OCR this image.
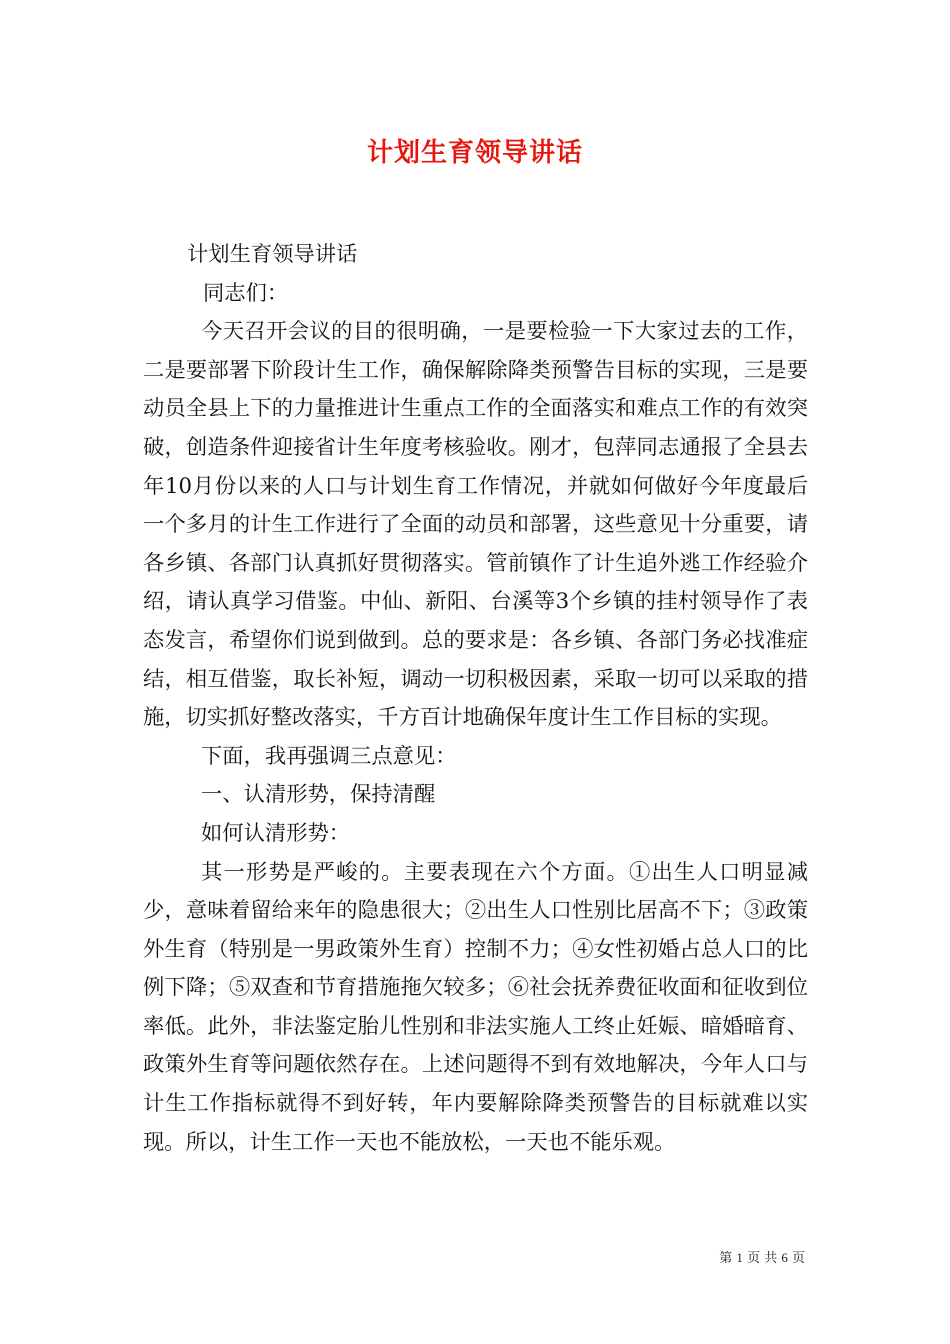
计划生育领导讲话

计划生育领导讲话

同志们：

今天召开会议的目的很明确，一是要检验一下大家过去的工作，二是要部署下阶段计生工作，确保解除降类预警告目标的实现，三是要动员全县上下的力量推进计生重点工作的全面落实和难点工作的有效突破，创造条件迎接省计生年度考核验收。刚才，包萍同志通报了全县去年10月份以来的人口与计划生育工作情况，并就如何做好今年度最后一个多月的计生工作进行了全面的动员和部署，这些意见十分重要，请各乡镇、各部门认真抓好贯彻落实。管前镇作了计生追外逃工作经验介绍，请认真学习借鉴。中仙、新阳、台溪等3个乡镇的挂村领导作了表态发言，希望你们说到做到。总的要求是：各乡镇、各部门务必找准症结，相互借鉴，取长补短，调动一切积极因素，采取一切可以采取的措施，切实抓好整改落实，千方百计地确保年度计生工作目标的实现。

下面，我再强调三点意见：

一、认清形势，保持清醒

如何认清形势：

其一形势是严峻的。主要表现在六个方面。①出生人口明显减少，意味着留给来年的隐患很大；②出生人口性别比居高不下；③政策外生育（特别是一男政策外生育）控制不力；④女性初婚占总人口的比例下降；⑤双查和节育措施拖欠较多；⑥社会抚养费征收面和征收到位率低。此外，非法鉴定胎儿性别和非法实施人工终止妊娠、暗婚暗育、政策外生育等问题依然存在。上述问题得不到有效地解决，今年人口与计生工作指标就得不到好转，年内要解除降类预警告的目标就难以实现。所以，计生工作一天也不能放松，一天也不能乐观。

第 1 页 共 6 页
